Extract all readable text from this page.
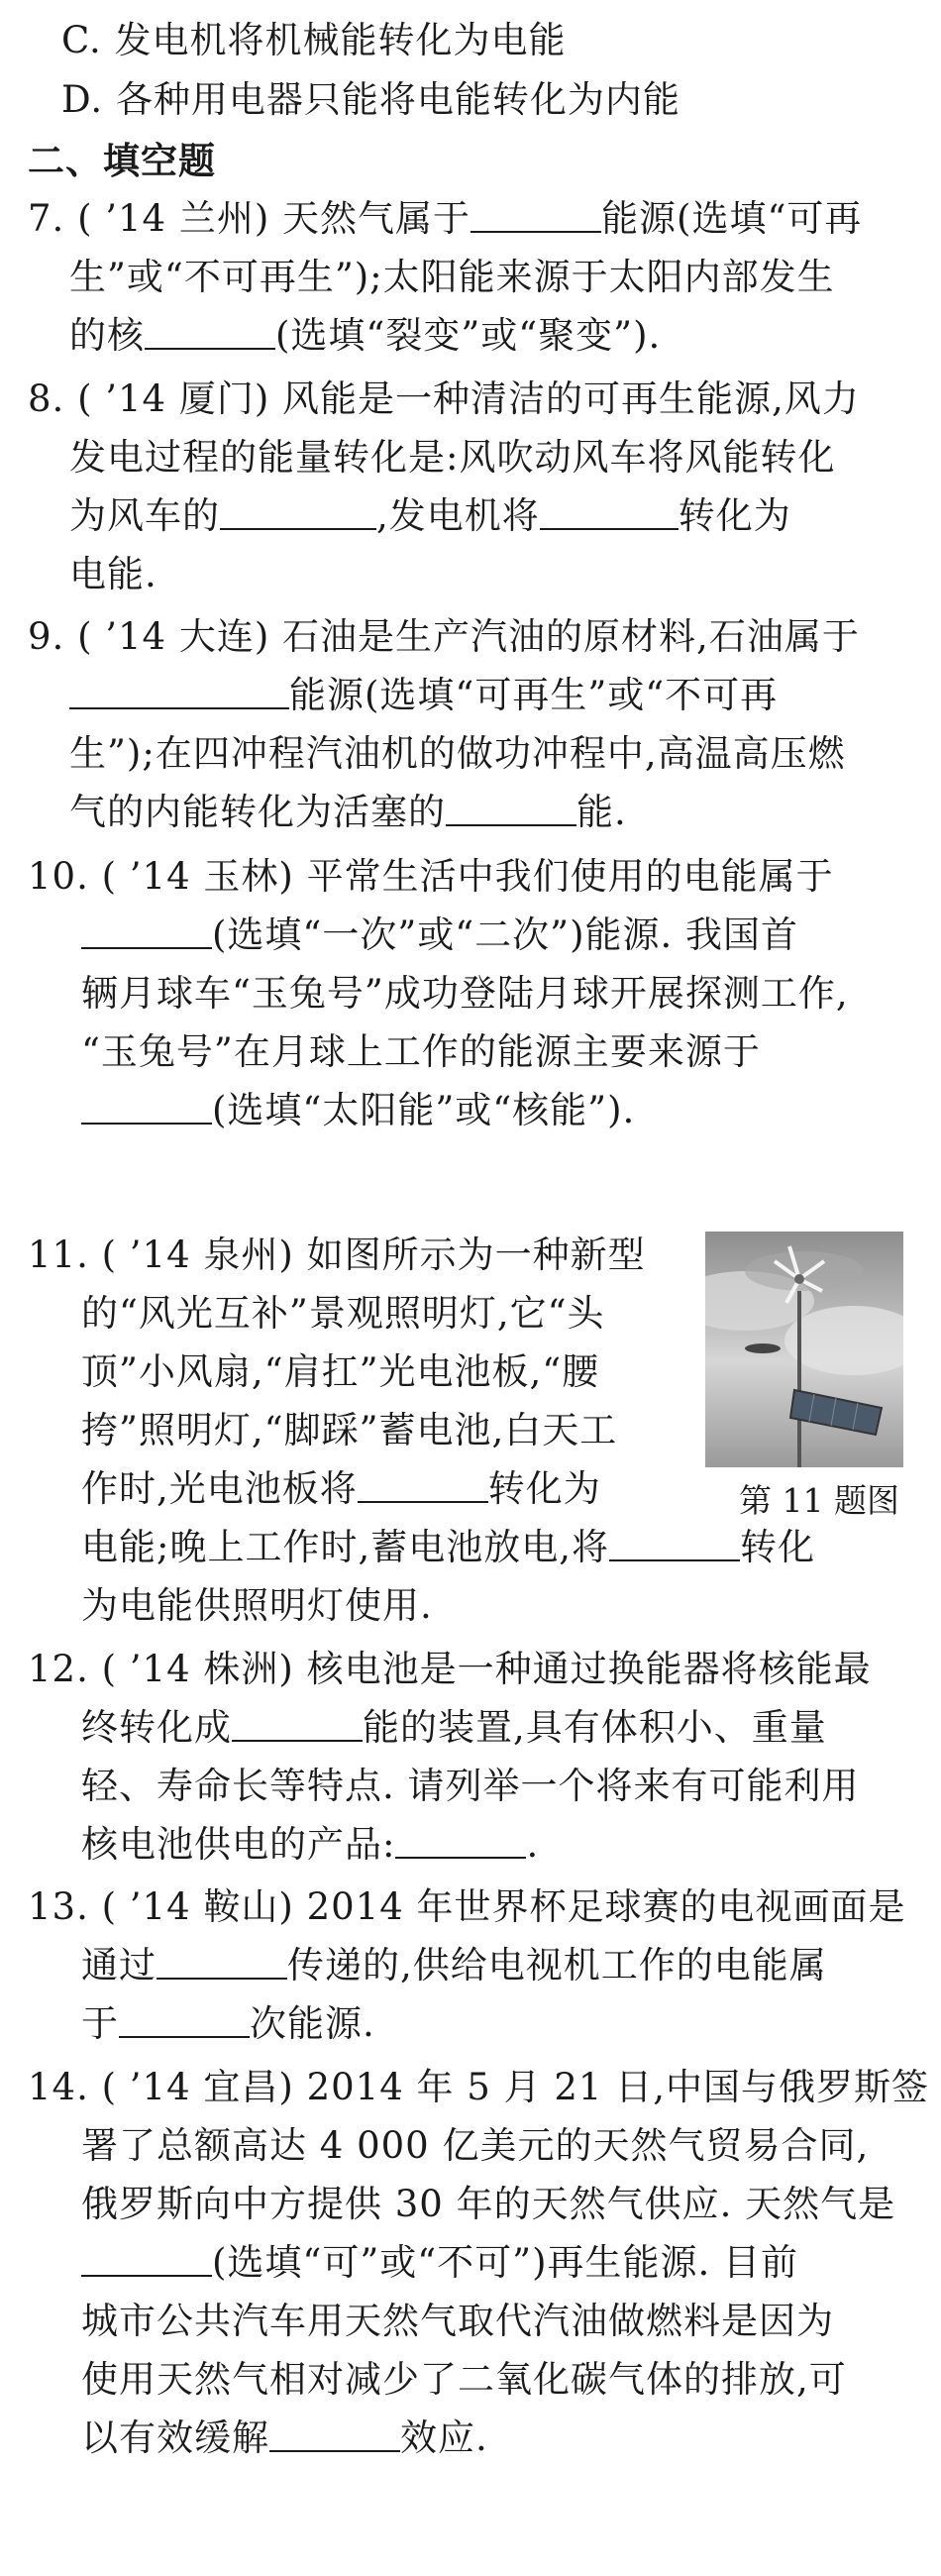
C. 发电机将机械能转化为电能
D. 各种用电器只能将电能转化为内能
二、填空题
7. ( ’14 兰州) 天然气属于	能源(选填“可再
生”或“不可再生”);太阳能来源于太阳内部发生
的核	(选填“裂变”或“聚变”).
8. ( ’14 厦门) 风能是一种清洁的可再生能源,风力
发电过程的能量转化是:风吹动风车将风能转化
为风车的	,发电机将	转化为
电能.
9. ( ’14 大连) 石油是生产汽油的原材料,石油属于
能源(选填“可再生”或“不可再
生”);在四冲程汽油机的做功冲程中,高温高压燃
气的内能转化为活塞的	能.
10. ( ’14 玉林) 平常生活中我们使用的电能属于
(选填“一次”或“二次”)能源. 我国首
辆月球车“玉兔号”成功登陆月球开展探测工作,
“玉兔号”在月球上工作的能源主要来源于
(选填“太阳能”或“核能”).
11. ( ’14 泉州) 如图所示为一种新型
的“风光互补”景观照明灯,它“头
顶”小风扇,“肩扛”光电池板,“腰
挎”照明灯,“脚踩”蓄电池,白天工
作时,光电池板将	转化为
电能;晚上工作时,蓄电池放电,将	转化
为电能供照明灯使用.
第 11 题图
12. ( ’14 株洲) 核电池是一种通过换能器将核能最
终转化成	能的装置,具有体积小、重量
轻、寿命长等特点. 请列举一个将来有可能利用
核电池供电的产品:	.
13. ( ’14 鞍山) 2014 年世界杯足球赛的电视画面是
通过	传递的,供给电视机工作的电能属
于	次能源.
14. ( ’14 宜昌) 2014 年 5 月 21 日,中国与俄罗斯签
署了总额高达 4 000 亿美元的天然气贸易合同,
俄罗斯向中方提供 30 年的天然气供应. 天然气是
(选填“可”或“不可”)再生能源. 目前
城市公共汽车用天然气取代汽油做燃料是因为
使用天然气相对减少了二氧化碳气体的排放,可
以有效缓解	效应.
